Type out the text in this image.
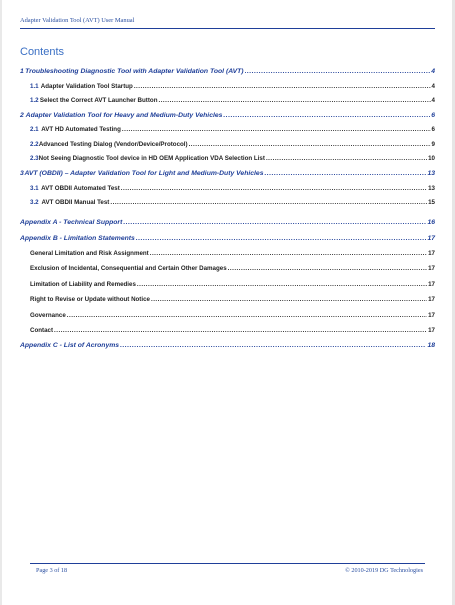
Adapter Validation Tool (AVT) User Manual
Contents
1 Troubleshooting Diagnostic Tool with Adapter Validation Tool (AVT) .....	4
1.1 Adapter Validation Tool Startup .....	4
1.2 Select the Correct AVT Launcher Button .....	4
2 Adapter Validation Tool for Heavy and Medium-Duty Vehicles .....	6
2.1 AVT HD Automated Testing .....	6
2.2 Advanced Testing Dialog (Vendor/Device/Protocol) .....	9
2.3 Not Seeing Diagnostic Tool device in HD OEM Application VDA Selection List .....	10
3 AVT (OBDII) – Adapter Validation Tool for Light and Medium-Duty Vehicles .....	13
3.1 AVT OBDII Automated Test .....	13
3.2 AVT OBDII Manual Test .....	15
Appendix A - Technical Support .....	16
Appendix B - Limitation Statements .....	17
General Limitation and Risk Assignment .....	17
Exclusion of Incidental, Consequential and Certain Other Damages .....	17
Limitation of Liability and Remedies .....	17
Right to Revise or Update without Notice .....	17
Governance .....	17
Contact .....	17
Appendix C - List of Acronyms .....	18
Page 3 of 18	© 2010-2019 DG Technologies
